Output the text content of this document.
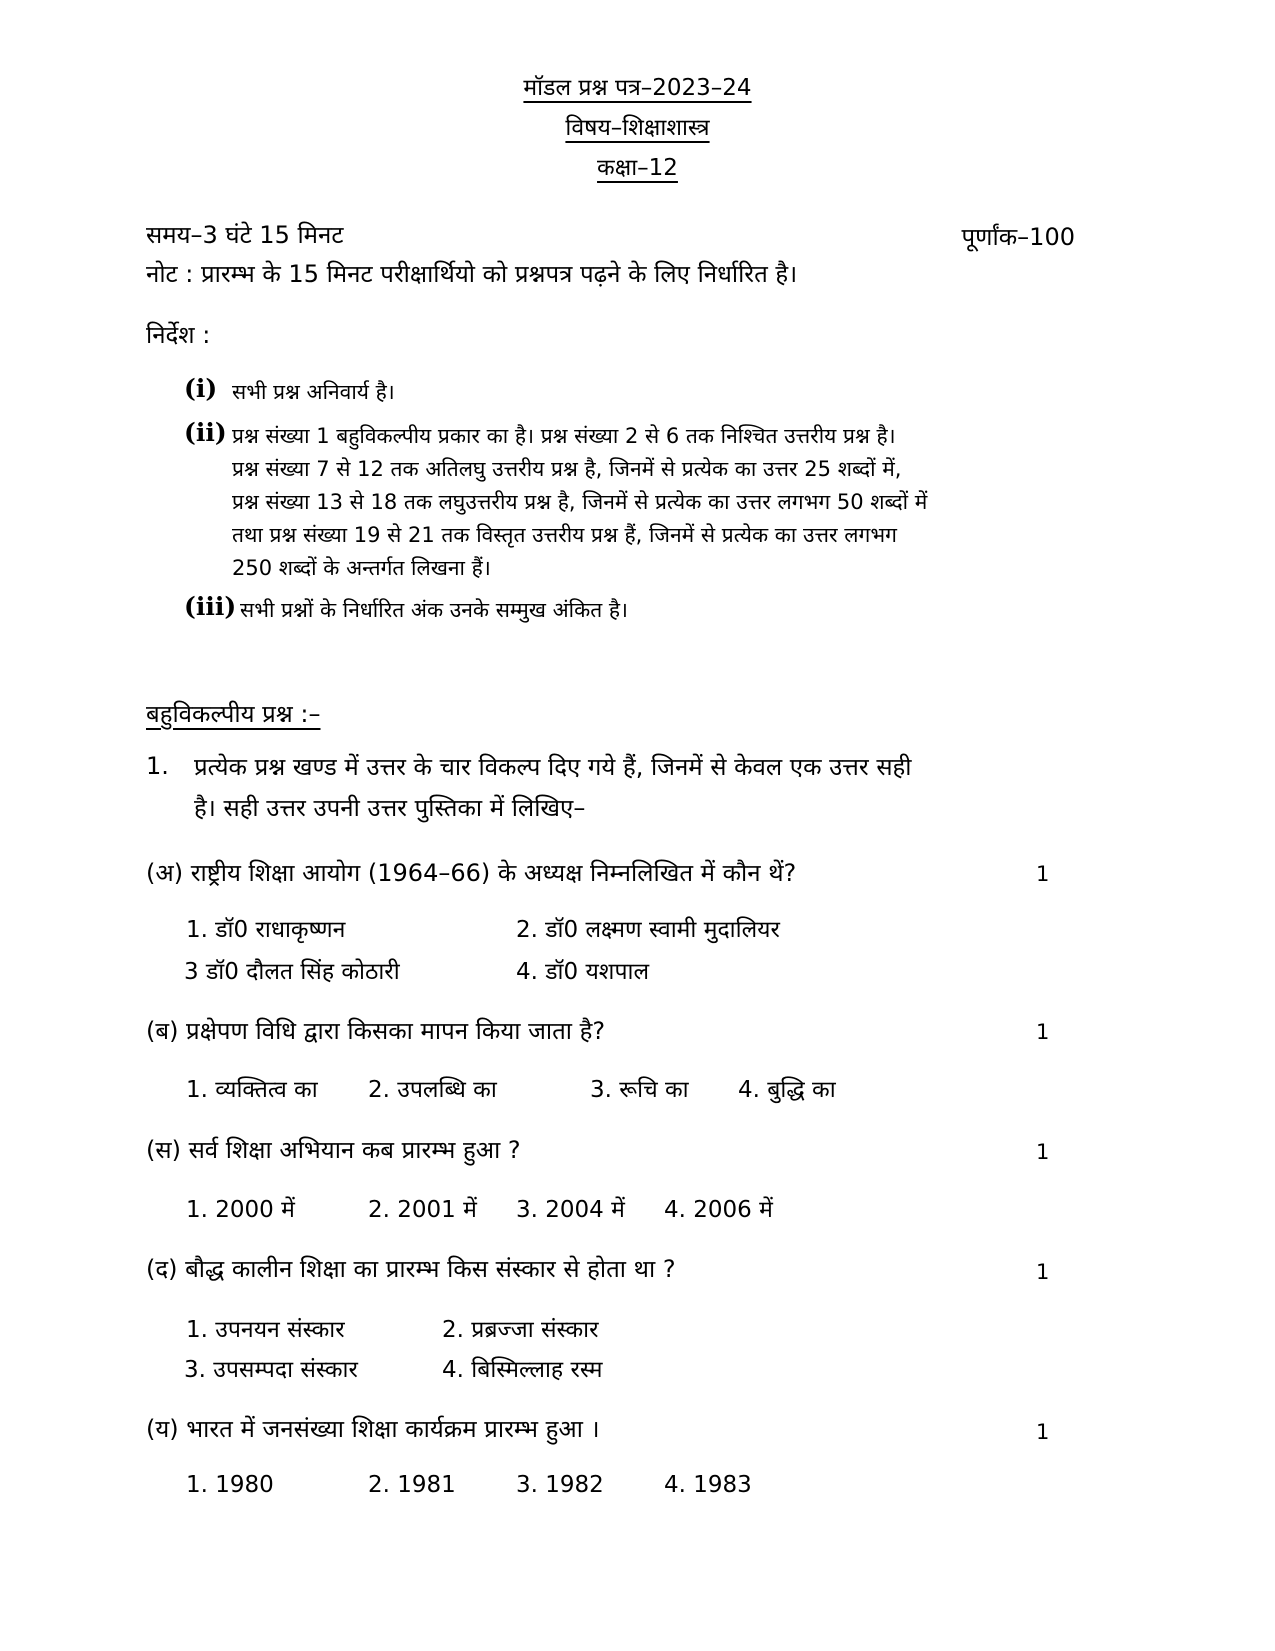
मॉडल प्रश्न पत्र–2023–24
विषय–शिक्षाशास्त्र
कक्षा–12
समय–3 घंटे 15 मिनट	पूर्णांक–100
नोट : प्रारम्भ के 15 मिनट परीक्षार्थियो को प्रश्नपत्र पढ़ने के लिए निर्धारित है।
निर्देश :
(i) सभी प्रश्न अनिवार्य है।
(ii) प्रश्न संख्या 1 बहुविकल्पीय प्रकार का है। प्रश्न संख्या 2 से 6 तक निश्चित उत्तरीय प्रश्न है।
प्रश्न संख्या 7 से 12 तक अतिलघु उत्तरीय प्रश्न है, जिनमें से प्रत्येक का उत्तर 25 शब्दों में,
प्रश्न संख्या 13 से 18 तक लघुउत्तरीय प्रश्न है, जिनमें से प्रत्येक का उत्तर लगभग 50 शब्दों में
तथा प्रश्न संख्या 19 से 21 तक विस्तृत उत्तरीय प्रश्न हैं, जिनमें से प्रत्येक का उत्तर लगभग
250 शब्दों के अन्तर्गत लिखना हैं।
(iii) सभी प्रश्नों के निर्धारित अंक उनके सम्मुख अंकित है।
बहुविकल्पीय प्रश्न :–
1. प्रत्येक प्रश्न खण्ड में उत्तर के चार विकल्प दिए गये हैं, जिनमें से केवल एक उत्तर सही
है। सही उत्तर उपनी उत्तर पुस्तिका में लिखिए–
(अ) राष्ट्रीय शिक्षा आयोग (1964–66) के अध्यक्ष निम्नलिखित में कौन थें?	1
1. डॉ0 राधाकृष्णन	2. डॉ0 लक्ष्मण स्वामी मुदालियर
3 डॉ0 दौलत सिंह कोठारी	4. डॉ0 यशपाल
(ब) प्रक्षेपण विधि द्वारा किसका मापन किया जाता है?	1
1. व्यक्तित्व का 2. उपलब्धि का	3. रूचि का 4. बुद्धि का
(स) सर्व शिक्षा अभियान कब प्रारम्भ हुआ ?	1
1. 2000 में	2. 2001 में 3. 2004 में 4. 2006 में
(द) बौद्ध कालीन शिक्षा का प्रारम्भ किस संस्कार से होता था ?	1
1. उपनयन संस्कार	2. प्रब्रज्जा संस्कार
3. उपसम्पदा संस्कार	4. बिस्मिल्लाह रस्म
(य) भारत में जनसंख्या शिक्षा कार्यक्रम प्रारम्भ हुआ ।	1
1. 1980	2. 1981	3. 1982	4. 1983
